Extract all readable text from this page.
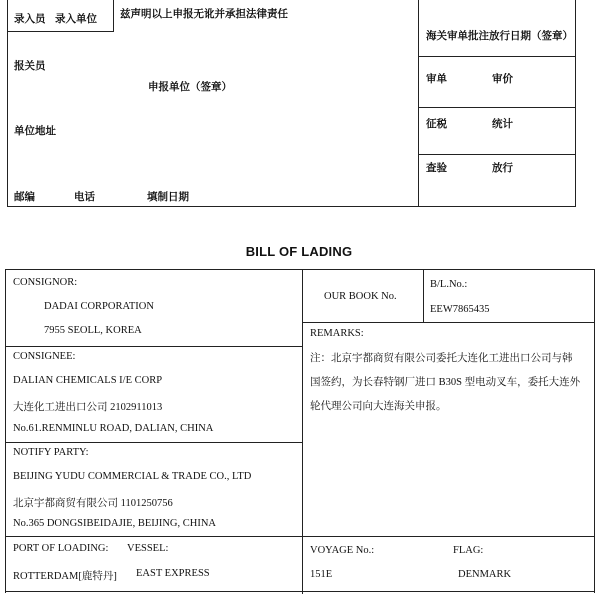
录入员 录入单位 兹声明以上申报无讹并承担法律责任
海关审单批注放行日期（签章）
报关员
申报单位（签章）
审单	审价
单位地址
征税	统计
查验	放行
邮编	电话	填制日期
BILL OF LADING
CONSIGNOR:
DADAI CORPORATION
7955 SEOLL, KOREA
OUR BOOK No.
B/L.No.:
EEW7865435
REMARKS:
注：北京宇都商贸有限公司委托大连化工进出口公司与韩
国签约，为长春特钢厂进口 B30S 型电动叉车，委托大连外
轮代理公司向大连海关申报。
CONSIGNEE:
DALIAN CHEMICALS I/E CORP
大连化工进出口公司 2102911013
No.61.RENMINLU ROAD, DALIAN, CHINA
NOTIFY PARTY:
BEIJING YUDU COMMERCIAL & TRADE CO., LTD
北京宇都商贸有限公司 1101250756
No.365 DONGSIBEIDAJIE, BEIJING, CHINA
PORT OF LOADING: VESSEL:
ROTTERDAM[鹿特丹] EAST EXPRESS
VOYAGE No.:	FLAG:
151E	DENMARK
